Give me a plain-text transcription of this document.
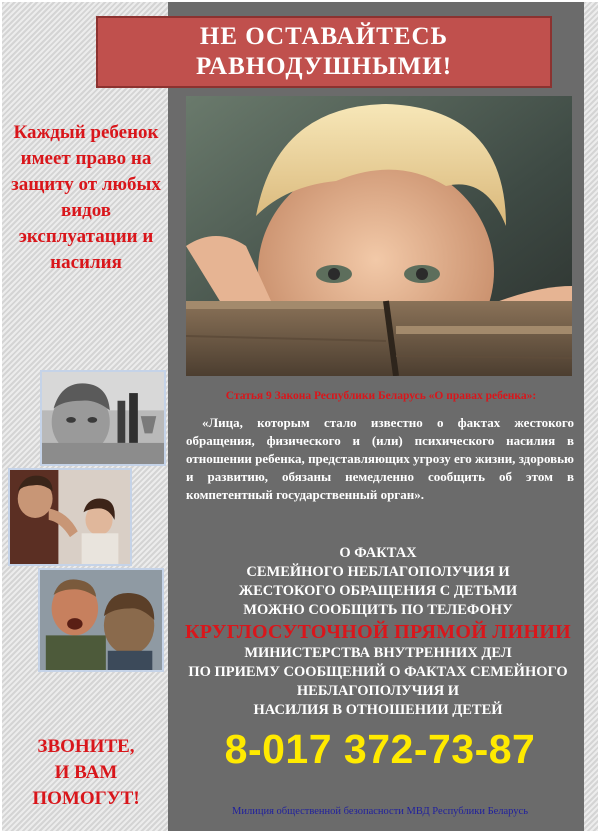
НЕ ОСТАВАЙТЕСЬ
РАВНОДУШНЫМИ!
Каждый ребенок имеет право на защиту от любых видов эксплуатации и насилия
Статья 9 Закона Республики Беларусь «О правах ребенка»:
«Лица, которым стало известно о фактах жестокого обращения, физического и (или) психического насилия в отношении ребенка, представляющих угрозу его жизни, здоровью и развитию, обязаны немедленно сообщить об этом в компетентный государственный орган».
О ФАКТАХ
СЕМЕЙНОГО НЕБЛАГОПОЛУЧИЯ И
ЖЕСТОКОГО ОБРАЩЕНИЯ С ДЕТЬМИ
МОЖНО СООБЩИТЬ ПО ТЕЛЕФОНУ
КРУГЛОСУТОЧНОЙ ПРЯМОЙ ЛИНИИ
МИНИСТЕРСТВА ВНУТРЕННИХ ДЕЛ
ПО ПРИЕМУ СООБЩЕНИЙ О ФАКТАХ СЕМЕЙНОГО
НЕБЛАГОПОЛУЧИЯ И
НАСИЛИЯ В ОТНОШЕНИИ ДЕТЕЙ
8-017 372-73-87
ЗВОНИТЕ,
И ВАМ
ПОМОГУТ!
Милиция общественной безопасности МВД Республики Беларусь
